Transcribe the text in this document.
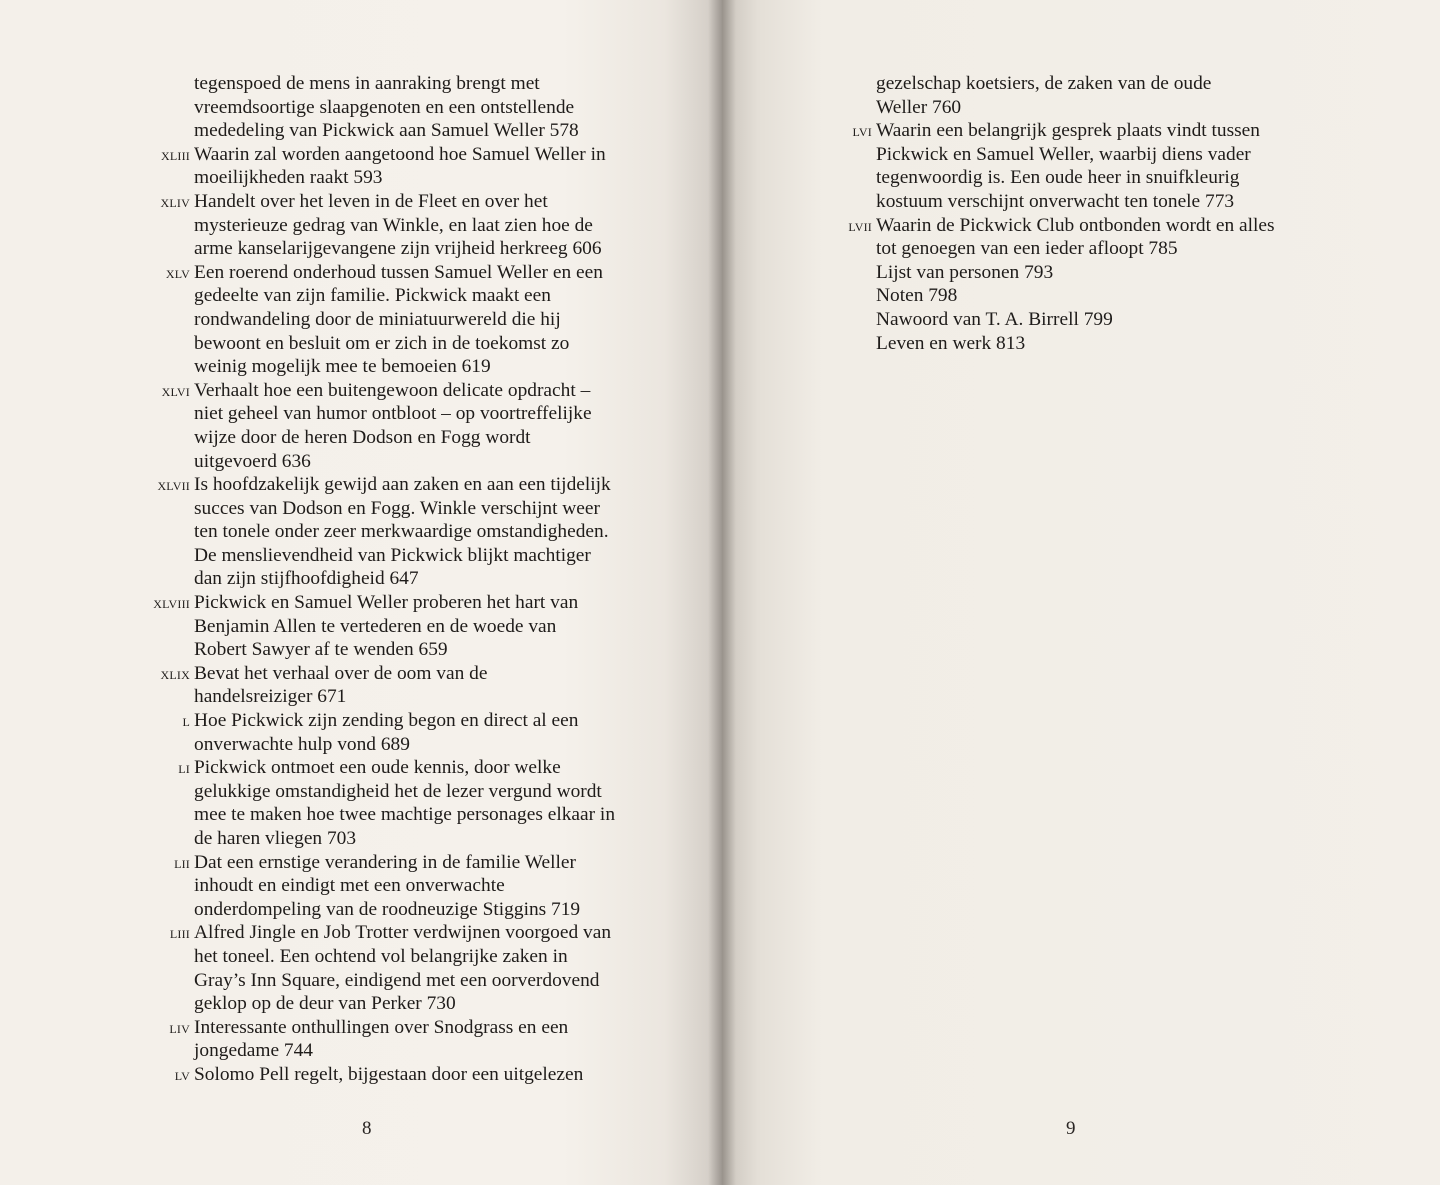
tegenspoed de mens in aanraking brengt met
vreemdsoortige slaapgenoten en een ontstellende
mededeling van Pickwick aan Samuel Weller 578
xliii Waarin zal worden aangetoond hoe Samuel Weller in
moeilijkheden raakt 593
xliv Handelt over het leven in de Fleet en over het
mysterieuze gedrag van Winkle, en laat zien hoe de
arme kanselarijgevangene zijn vrijheid herkreeg 606
xlv Een roerend onderhoud tussen Samuel Weller en een
gedeelte van zijn familie. Pickwick maakt een
rondwandeling door de miniatuurwereld die hij
bewoont en besluit om er zich in de toekomst zo
weinig mogelijk mee te bemoeien 619
xlvi Verhaalt hoe een buitengewoon delicate opdracht –
niet geheel van humor ontbloot – op voortreffelijke
wijze door de heren Dodson en Fogg wordt
uitgevoerd 636
xlvii Is hoofdzakelijk gewijd aan zaken en aan een tijdelijk
succes van Dodson en Fogg. Winkle verschijnt weer
ten tonele onder zeer merkwaardige omstandigheden.
De menslievendheid van Pickwick blijkt machtiger
dan zijn stijfhoofdigheid 647
xlviii Pickwick en Samuel Weller proberen het hart van
Benjamin Allen te vertederen en de woede van
Robert Sawyer af te wenden 659
xlix Bevat het verhaal over de oom van de
handelsreiziger 671
l Hoe Pickwick zijn zending begon en direct al een
onverwachte hulp vond 689
li Pickwick ontmoet een oude kennis, door welke
gelukkige omstandigheid het de lezer vergund wordt
mee te maken hoe twee machtige personages elkaar in
de haren vliegen 703
lii Dat een ernstige verandering in de familie Weller
inhoudt en eindigt met een onverwachte
onderdompeling van de roodneuzige Stiggins 719
liii Alfred Jingle en Job Trotter verdwijnen voorgoed van
het toneel. Een ochtend vol belangrijke zaken in
Gray’s Inn Square, eindigend met een oorverdovend
geklop op de deur van Perker 730
liv Interessante onthullingen over Snodgrass en een
jongedame 744
lv Solomo Pell regelt, bijgestaan door een uitgelezen
8
gezelschap koetsiers, de zaken van de oude
Weller 760
lvi Waarin een belangrijk gesprek plaats vindt tussen
Pickwick en Samuel Weller, waarbij diens vader
tegenwoordig is. Een oude heer in snuifkleurig
kostuum verschijnt onverwacht ten tonele 773
lvii Waarin de Pickwick Club ontbonden wordt en alles
tot genoegen van een ieder afloopt 785
Lijst van personen 793
Noten 798
Nawoord van T. A. Birrell 799
Leven en werk 813
9
